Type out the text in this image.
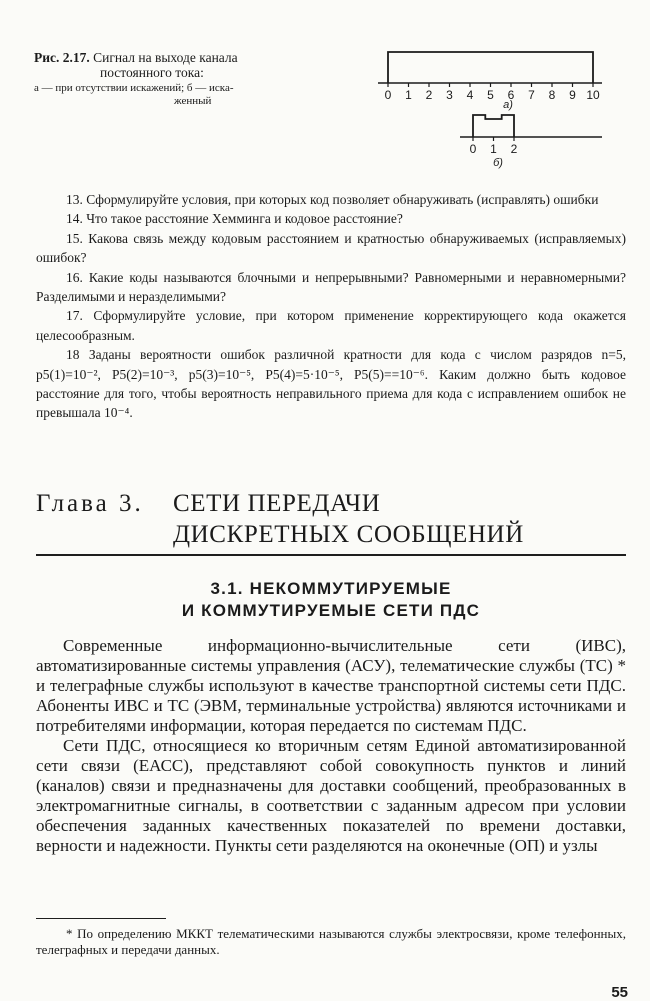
Рис. 2.17. Сигнал на выходе канала
постоянного тока:
а — при отсутствии искажений; б — иска-
женный	0 1 2 3 4 5 6 7 8 9 10
а)
0 1 2
б)

13. Сформулируйте условия, при которых код позволяет обнаруживать (исправлять) ошибки

14. Что такое расстояние Хемминга и кодовое расстояние?

15. Какова связь между кодовым расстоянием и кратностью обнаруживаемых (исправляемых) ошибок?

16. Какие коды называются блочными и непрерывными? Равномерными и неравномерными? Разделимыми и неразделимыми?

17. Сформулируйте условие, при котором применение корректирующего кода окажется целесообразным.

18 Заданы вероятности ошибок различной кратности для кода с числом разрядов n=5, p5(1)=10⁻², P5(2)=10⁻³, p5(3)=10⁻⁵, P5(4)=5·10⁻⁵, P5(5)==10⁻⁶. Каким должно быть кодовое расстояние для того, чтобы вероятность неправильного приема для кода с исправлением ошибок не превышала 10⁻⁴.

Глава 3. СЕТИ ПЕРЕДАЧИ
ДИСКРЕТНЫХ СООБЩЕНИЙ
3.1. НЕКОММУТИРУЕМЫЕ
И КОММУТИРУЕМЫЕ СЕТИ ПДС

Современные информационно-вычислительные сети (ИВС), автоматизированные системы управления (АСУ), телематические службы (ТС) * и телеграфные службы используют в качестве транспортной системы сети ПДС. Абоненты ИВС и ТС (ЭВМ, терминальные устройства) являются источниками и потребителями информации, которая передается по системам ПДС.

Сети ПДС, относящиеся ко вторичным сетям Единой автоматизированной сети связи (ЕАСС), представляют собой совокупность пунктов и линий (каналов) связи и предназначены для доставки сообщений, преобразованных в электромагнитные сигналы, в соответствии с заданным адресом при условии обеспечения заданных качественных показателей по времени доставки, верности и надежности. Пункты сети разделяются на оконечные (ОП) и узлы

* По определению МККТ телематическими называются службы электросвязи, кроме телефонных, телеграфных и передачи данных.

55
